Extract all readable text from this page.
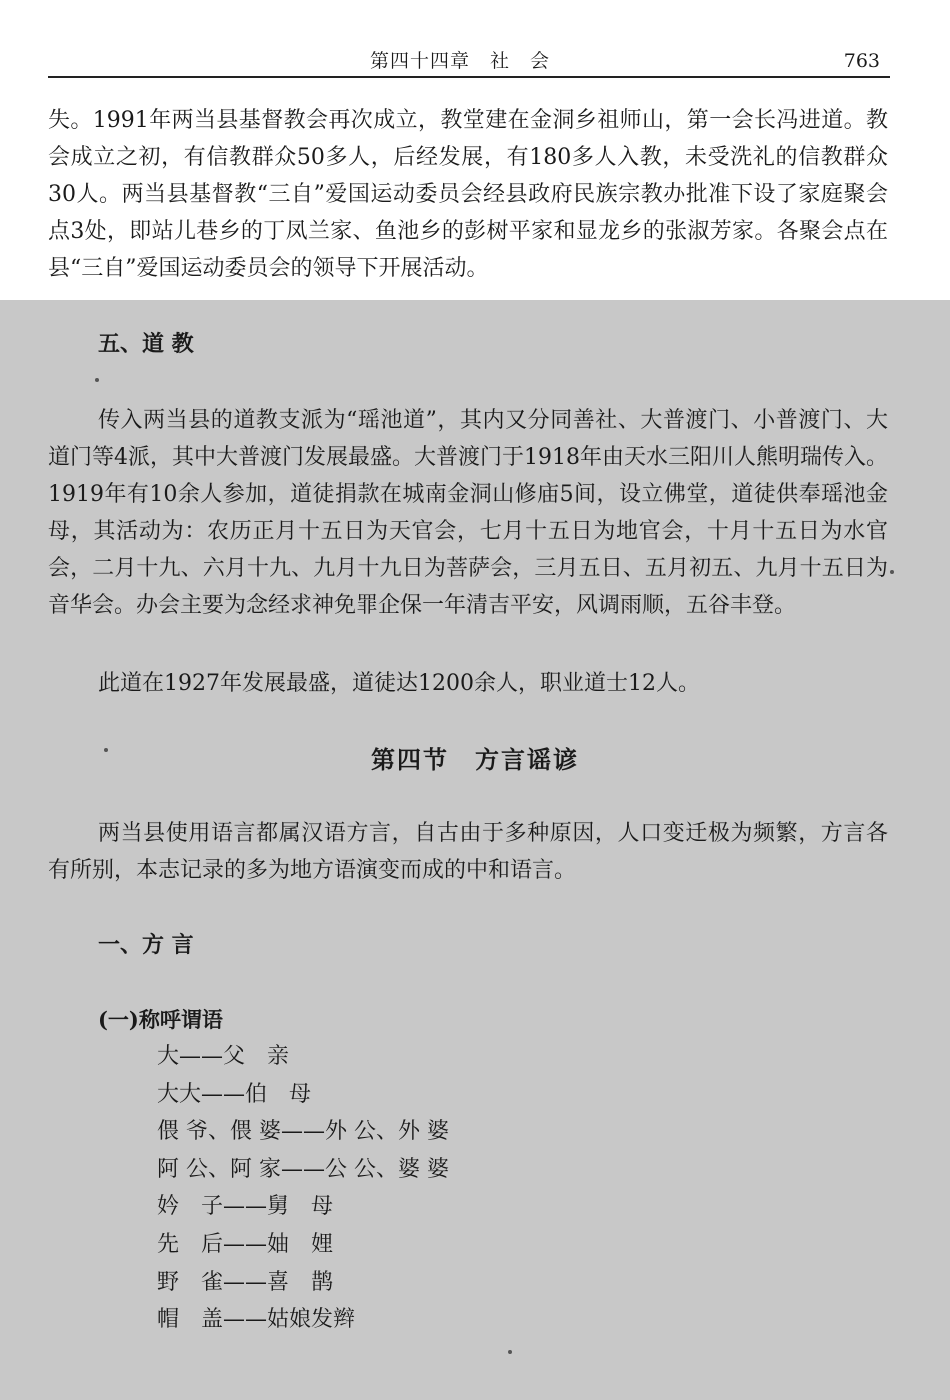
第四十四章　社　会	763

失。1991年两当县基督教会再次成立，教堂建在金洞乡祖师山，第一会长冯进道。教会成立之初，有信教群众50多人，后经发展，有180多人入教，未受洗礼的信教群众30人。两当县基督教“三自”爱国运动委员会经县政府民族宗教办批准下设了家庭聚会点3处，即站儿巷乡的丁凤兰家、鱼池乡的彭树平家和显龙乡的张淑芳家。各聚会点在县“三自”爱国运动委员会的领导下开展活动。

五、道 教

传入两当县的道教支派为“瑶池道”，其内又分同善社、大普渡门、小普渡门、大道门等4派，其中大普渡门发展最盛。大普渡门于1918年由天水三阳川人熊明瑞传入。1919年有10余人参加，道徒捐款在城南金洞山修庙5间，设立佛堂，道徒供奉瑶池金母，其活动为：农历正月十五日为天官会，七月十五日为地官会，十月十五日为水官会，二月十九、六月十九、九月十九日为菩萨会，三月五日、五月初五、九月十五日为音华会。办会主要为念经求神免罪企保一年清吉平安，风调雨顺，五谷丰登。

此道在1927年发展最盛，道徒达1200余人，职业道士12人。

第四节　方言谣谚

两当县使用语言都属汉语方言，自古由于多种原因，人口变迁极为频繁，方言各有所别，本志记录的多为地方语演变而成的中和语言。

一、方 言
(一)称呼谓语
大——父　亲
大大——伯　母
偎 爷、偎 婆——外 公、外 婆
阿 公、阿 家——公 公、婆 婆
妗　子——舅　母
先　后——妯　娌
野　雀——喜　鹊
帽　盖——姑娘发辫
